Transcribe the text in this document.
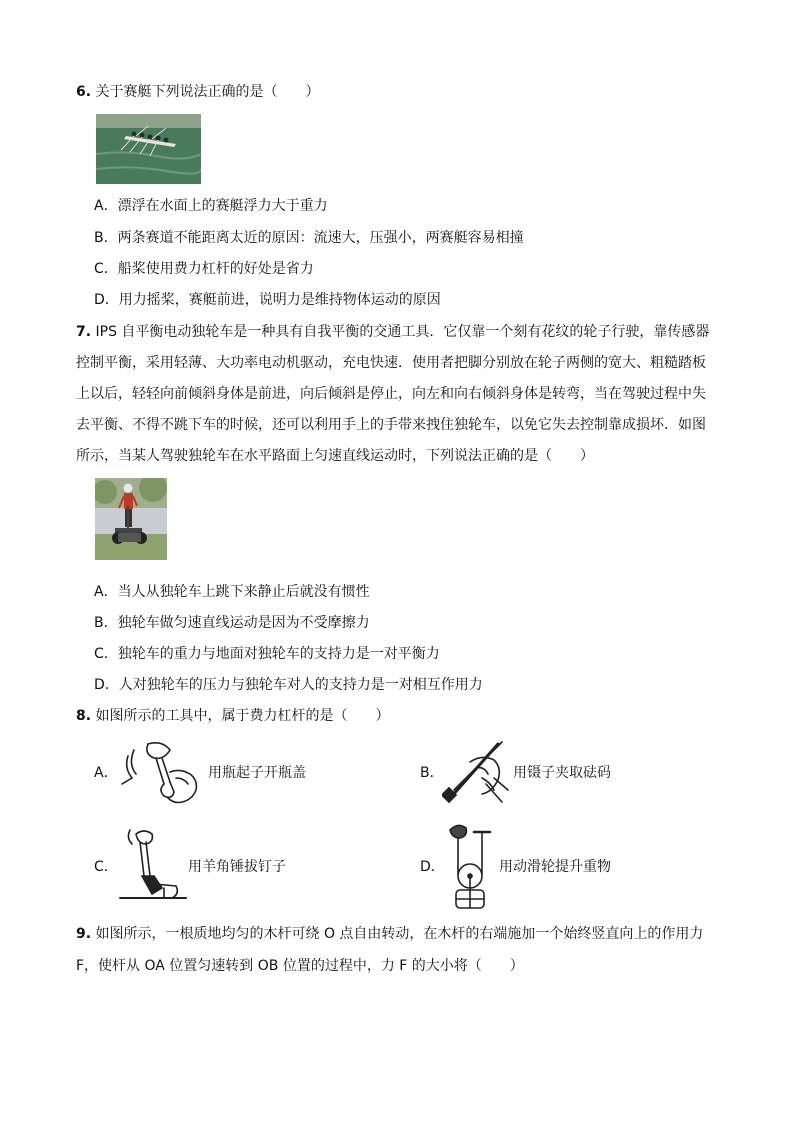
6. 关于赛艇下列说法正确的是（　　）
A．漂浮在水面上的赛艇浮力大于重力
B．两条赛道不能距离太近的原因：流速大，压强小，两赛艇容易相撞
C．船桨使用费力杠杆的好处是省力
D．用力摇桨，赛艇前进，说明力是维持物体运动的原因
7. IPS 自平衡电动独轮车是一种具有自我平衡的交通工具．它仅靠一个刻有花纹的轮子行驶，靠传感器
控制平衡，采用轻薄、大功率电动机驱动，充电快速．使用者把脚分别放在轮子两侧的宽大、粗糙踏板
上以后，轻轻向前倾斜身体是前进，向后倾斜是停止，向左和向右倾斜身体是转弯，当在驾驶过程中失
去平衡、不得不跳下车的时候，还可以利用手上的手带来拽住独轮车，以免它失去控制靠成损坏．如图
所示，当某人驾驶独轮车在水平路面上匀速直线运动时，下列说法正确的是（　　）
A．当人从独轮车上跳下来静止后就没有惯性
B．独轮车做匀速直线运动是因为不受摩擦力
C．独轮车的重力与地面对独轮车的支持力是一对平衡力
D．人对独轮车的压力与独轮车对人的支持力是一对相互作用力
8. 如图所示的工具中，属于费力杠杆的是（　　）
A．	用瓶起子开瓶盖	B．	用镊子夹取砝码
C．	用羊角锤拔钉子	D．	用动滑轮提升重物
9. 如图所示，一根质地均匀的木杆可绕 O 点自由转动，在木杆的右端施加一个始终竖直向上的作用力
F，使杆从 OA 位置匀速转到 OB 位置的过程中，力 F 的大小将（　　）
